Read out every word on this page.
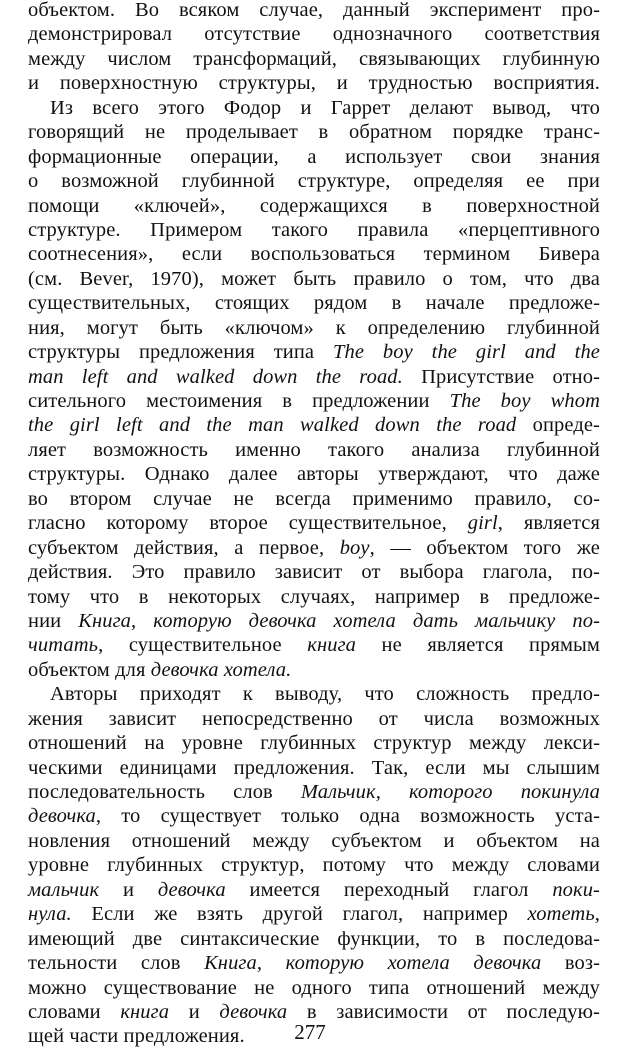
объектом. Во всяком случае, данный эксперимент про-
демонстрировал отсутствие однозначного соответствия
между числом трансформаций, связывающих глубинную
и поверхностную структуры, и трудностью восприятия.
Из всего этого Фодор и Гаррет делают вывод, что
говорящий не проделывает в обратном порядке транс-
формационные операции, а использует свои знания
о возможной глубинной структуре, определяя ее при
помощи «ключей», содержащихся в поверхностной
структуре. Примером такого правила «перцептивного
соотнесения», если воспользоваться термином Бивера
(см. Bever, 1970), может быть правило о том, что два
существительных, стоящих рядом в начале предложе-
ния, могут быть «ключом» к определению глубинной
структуры предложения типа The boy the girl and the
man left and walked down the road. Присутствие отно-
сительного местоимения в предложении The boy whom
the girl left and the man walked down the road опреде-
ляет возможность именно такого анализа глубинной
структуры. Однако далее авторы утверждают, что даже
во втором случае не всегда применимо правило, со-
гласно которому второе существительное, girl, является
субъектом действия, а первое, boy, — объектом того же
действия. Это правило зависит от выбора глагола, по-
тому что в некоторых случаях, например в предложе-
нии Книга, которую девочка хотела дать мальчику по-
читать, существительное книга не является прямым
объектом для девочка хотела.
Авторы приходят к выводу, что сложность предло-
жения зависит непосредственно от числа возможных
отношений на уровне глубинных структур между лекси-
ческими единицами предложения. Так, если мы слышим
последовательность слов Мальчик, которого покинула
девочка, то существует только одна возможность уста-
новления отношений между субъектом и объектом на
уровне глубинных структур, потому что между словами
мальчик и девочка имеется переходный глагол поки-
нула. Если же взять другой глагол, например хотеть,
имеющий две синтаксические функции, то в последова-
тельности слов Книга, которую хотела девочка воз-
можно существование не одного типа отношений между
словами книга и девочка в зависимости от последую-
щей части предложения.	277
